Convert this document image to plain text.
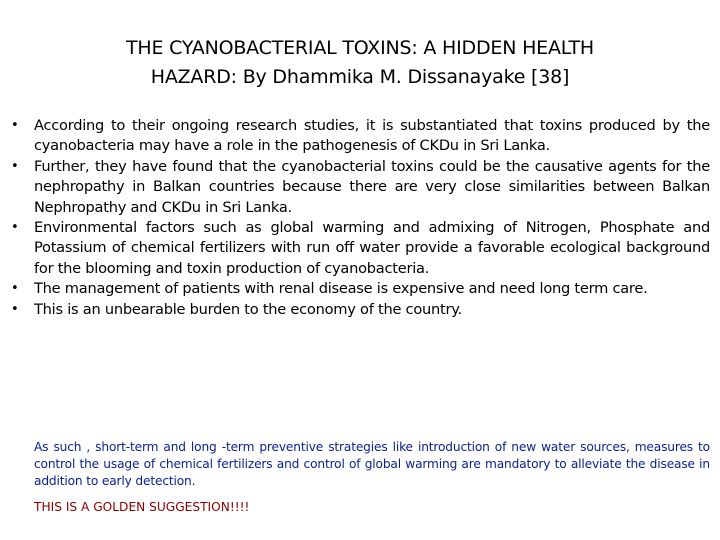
THE CYANOBACTERIAL TOXINS: A HIDDEN HEALTH
HAZARD: By Dhammika M. Dissanayake [38]
• According to their ongoing research studies, it is substantiated that toxins produced by the cyanobacteria may have a role in the pathogenesis of CKDu in Sri Lanka.
• Further, they have found that the cyanobacterial toxins could be the causative agents for the nephropathy in Balkan countries because there are very close similarities between Balkan Nephropathy and CKDu in Sri Lanka.
• Environmental factors such as global warming and admixing of Nitrogen, Phosphate and Potassium of chemical fertilizers with run off water provide a favorable ecological background for the blooming and toxin production of cyanobacteria.
• The management of patients with renal disease is expensive and need long term care.
• This is an unbearable burden to the economy of the country.

As such , short-term and long -term preventive strategies like introduction of new water sources, measures to control the usage of chemical fertilizers and control of global warming are mandatory to alleviate the disease in addition to early detection.

THIS IS A GOLDEN SUGGESTION!!!!
